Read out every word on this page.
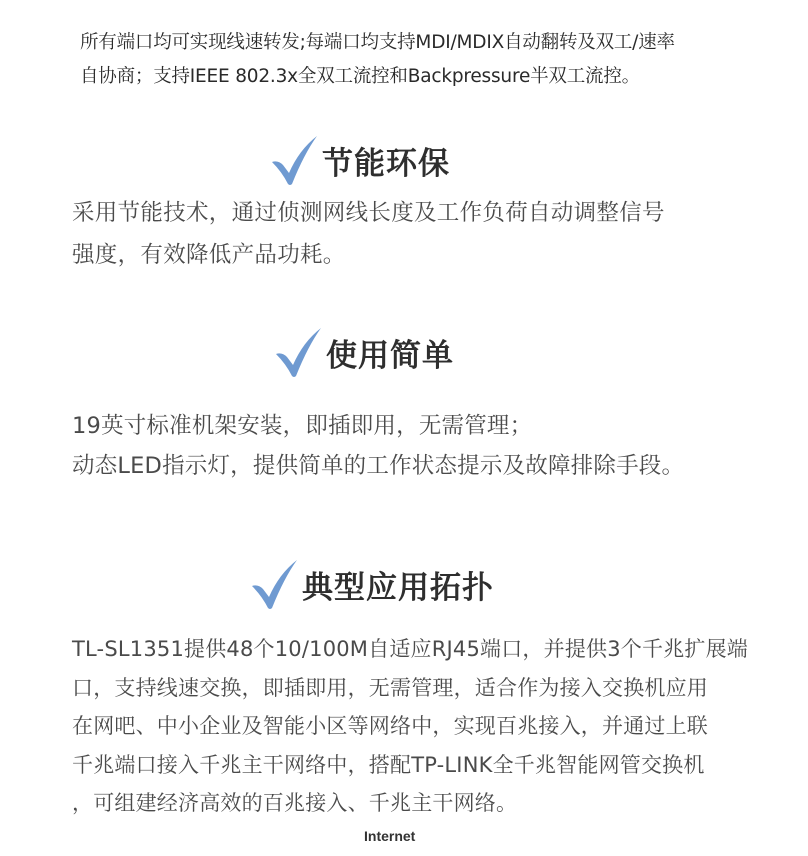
所有端口均可实现线速转发;每端口均支持MDI/MDIX自动翻转及双工/速率
自协商；支持IEEE 802.3x全双工流控和Backpressure半双工流控。
节能环保
采用节能技术，通过侦测网线长度及工作负荷自动调整信号
强度，有效降低产品功耗。
使用简单
19英寸标准机架安装，即插即用，无需管理；
动态LED指示灯，提供简单的工作状态提示及故障排除手段。
典型应用拓扑
TL-SL1351提供48个10/100M自适应RJ45端口，并提供3个千兆扩展端
口，支持线速交换，即插即用，无需管理，适合作为接入交换机应用
在网吧、中小企业及智能小区等网络中，实现百兆接入，并通过上联
千兆端口接入千兆主干网络中，搭配TP-LINK全千兆智能网管交换机
，可组建经济高效的百兆接入、千兆主干网络。
Internet
